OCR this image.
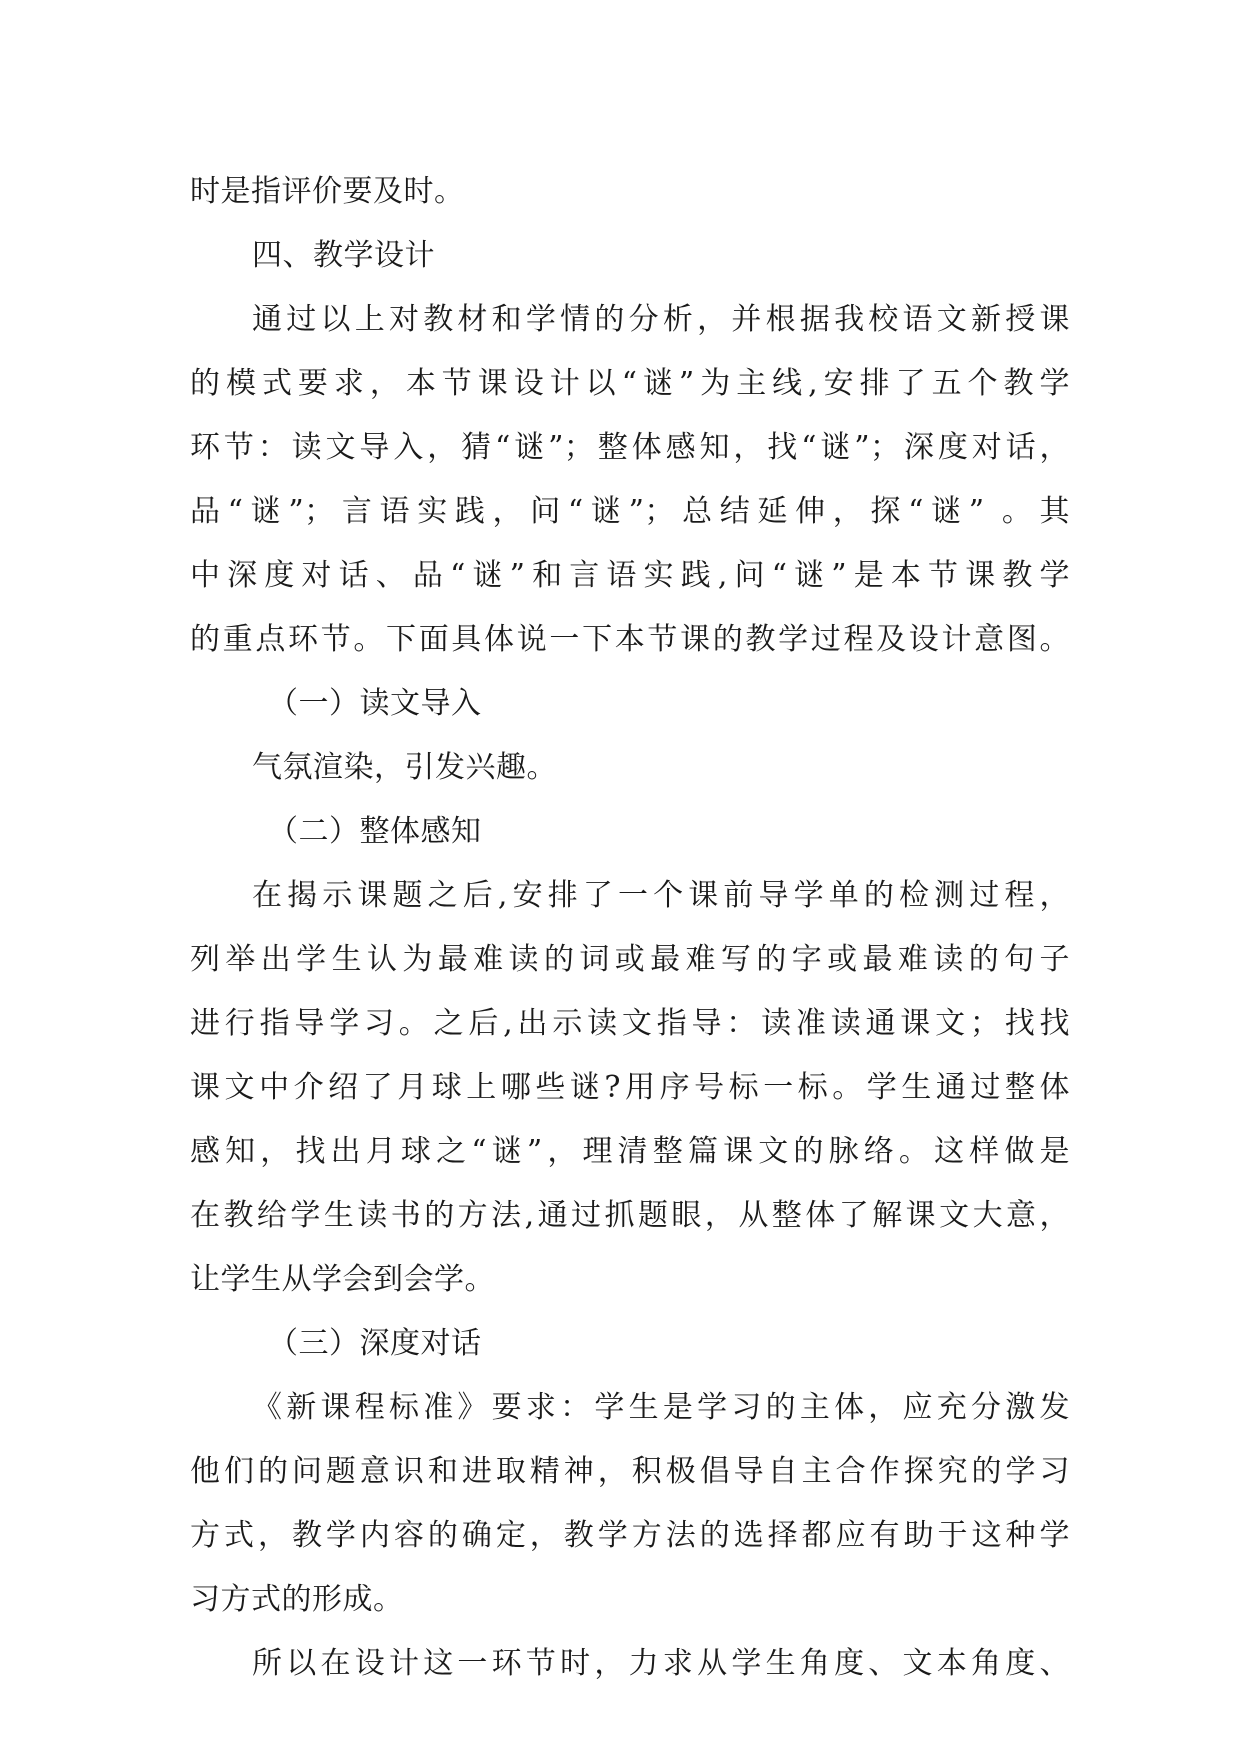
时是指评价要及时。
四、教学设计
通过以上对教材和学情的分析，并根据我校语文新授课
的模式要求，本节课设计以“谜”为主线,安排了五个教学
环节：读文导入，猜“谜”；整体感知，找“谜”；深度对话，
品“谜”；言语实践，问“谜”；总结延伸，探“谜” 。其
中深度对话、品“谜”和言语实践,问“谜”是本节课教学
的重点环节。下面具体说一下本节课的教学过程及设计意图。
（一）读文导入
气氛渲染，引发兴趣。
（二）整体感知
在揭示课题之后,安排了一个课前导学单的检测过程，
列举出学生认为最难读的词或最难写的字或最难读的句子
进行指导学习。之后,出示读文指导：读准读通课文；找找
课文中介绍了月球上哪些谜?用序号标一标。学生通过整体
感知，找出月球之“谜”，理清整篇课文的脉络。这样做是
在教给学生读书的方法,通过抓题眼，从整体了解课文大意，
让学生从学会到会学。
（三）深度对话
《新课程标准》要求：学生是学习的主体，应充分激发
他们的问题意识和进取精神，积极倡导自主合作探究的学习
方式，教学内容的确定，教学方法的选择都应有助于这种学
习方式的形成。
所以在设计这一环节时，力求从学生角度、文本角度、
